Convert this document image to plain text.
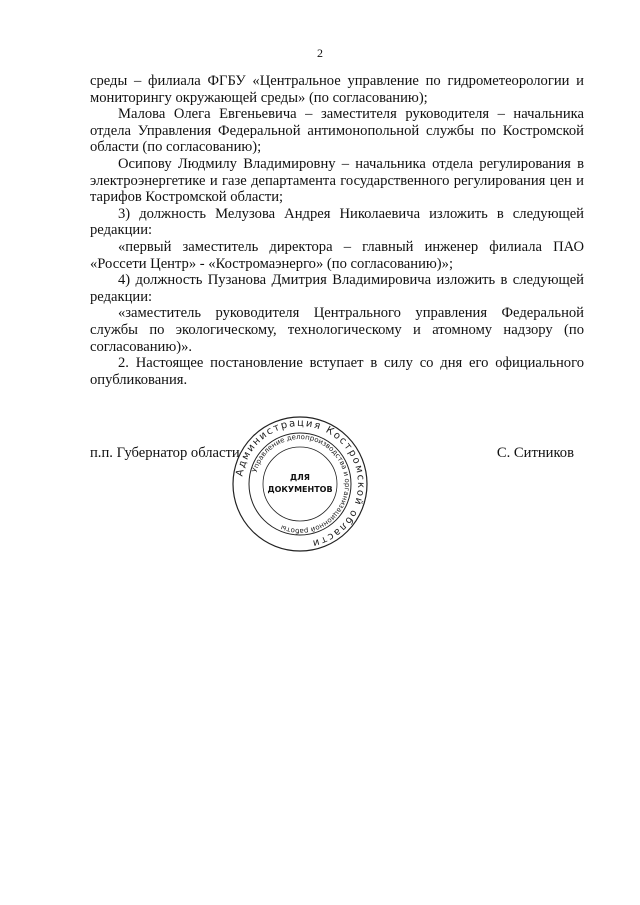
2

среды – филиала ФГБУ «Центральное управление по гидрометеорологии и мониторингу окружающей среды» (по согласованию);

Малова Олега Евгеньевича – заместителя руководителя – начальника отдела Управления Федеральной антимонопольной службы по Костромской области (по согласованию);

Осипову Людмилу Владимировну – начальника отдела регулирования в электроэнергетике и газе департамента государственного регулирования цен и тарифов Костромской области;

3) должность Мелузова Андрея Николаевича изложить в следующей редакции:

«первый заместитель директора – главный инженер филиала ПАО «Россети Центр» - «Костромаэнерго» (по согласованию)»;

4) должность Пузанова Дмитрия Владимировича изложить в следующей редакции:

«заместитель руководителя Центрального управления Федеральной службы по экологическому, технологическому и атомному надзору (по согласованию)».

2. Настоящее постановление вступает в силу со дня его официального опубликования.

п.п. Губернатор области	С. Ситников
Администрация Костромской области
Управление делопроизводства и организационной работы
ДЛЯ
ДОКУМЕНТОВ
